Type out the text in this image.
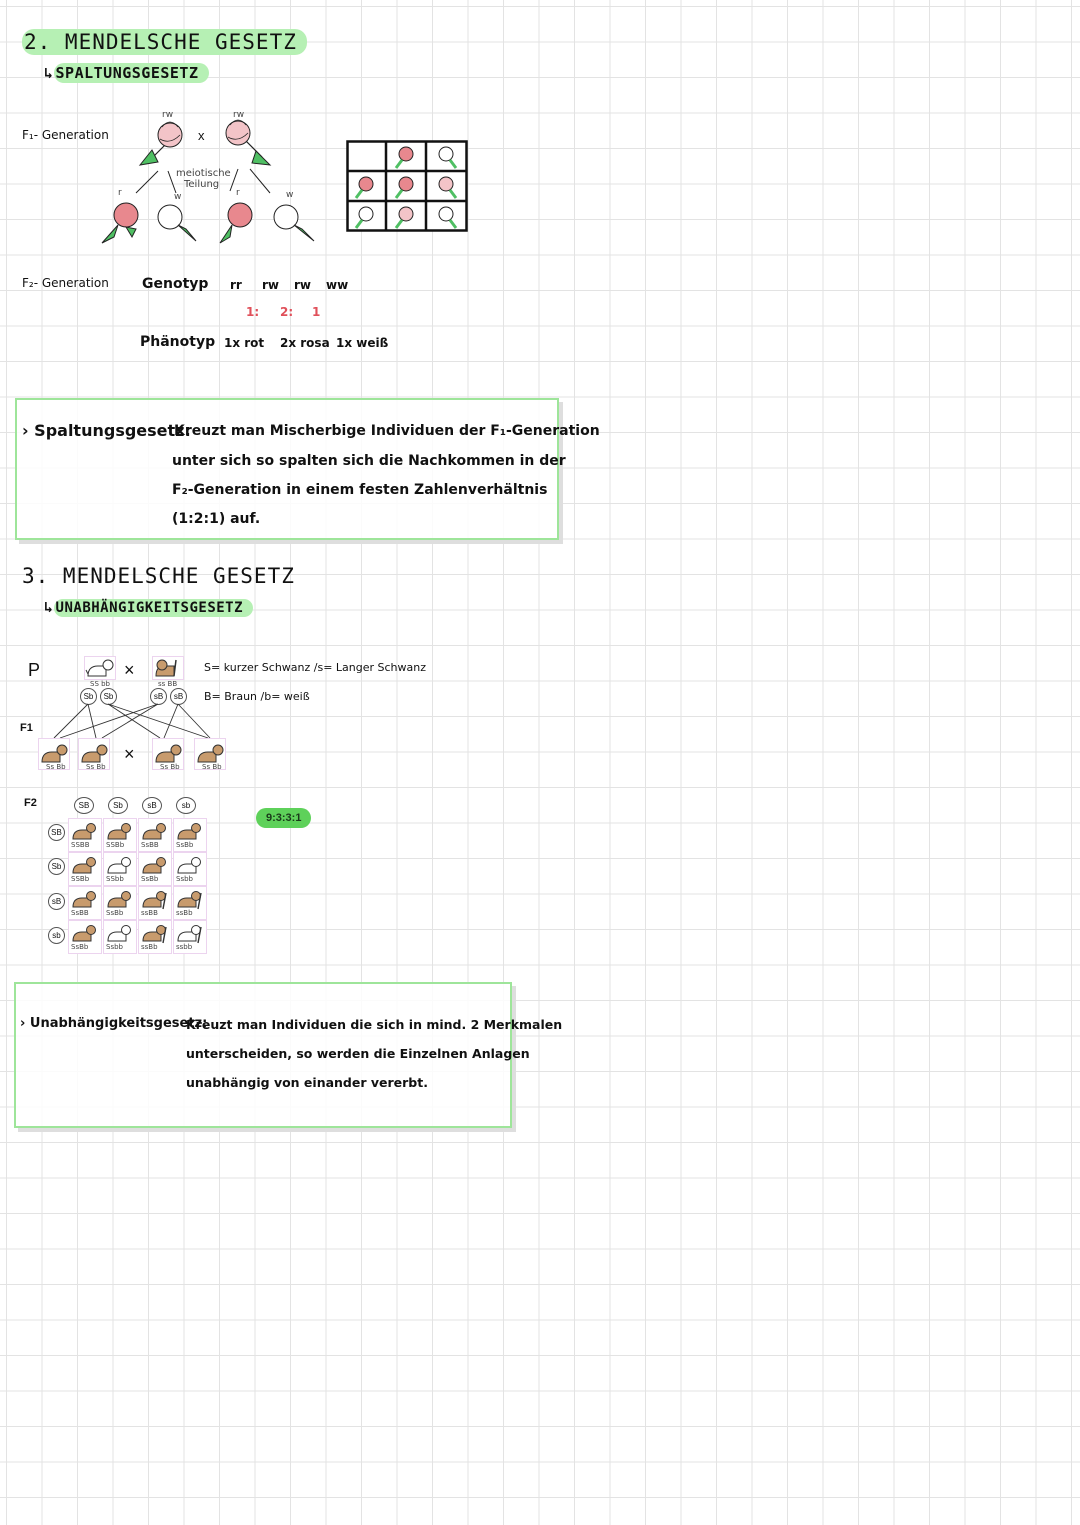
2. MENDELSCHE GESETZ
↳ SPALTUNGSGESETZ
F₁- Generation
F₂- Generation
rw	rw
x
meiotische
Teilung
r	w	r	w
Genotyp rr rw rw ww
1: 2: 1
Phänotyp 1x rot 2x rosa 1x weiß
› Spaltungsgesetz:
Kreuzt man Mischerbige Individuen der F₁-Generation
unter sich so spalten sich die Nachkommen in der
F₂-Generation in einem festen Zahlenverhältnis
(1:2:1) auf.
3. MENDELSCHE GESETZ
↳ UNABHÄNGIGKEITSGESETZ
P
F1
F2
×
SS bb	ss BB
Sb	Sb	sB	sB
S= kurzer Schwanz /s= Langer Schwanz
B= Braun /b= weiß
×
Ss Bb	Ss Bb	Ss Bb	Ss Bb
SB	Sb	sB	sb
SB
Sb
sB
sb
9:3:3:1
SSBB SSBb SsBB SsBb
SSBb SSbb SsBb	Ssbb
SsBB SsBb	ssBB	ssBb
SsBb	Ssbb	ssBb	ssbb
› Unabhängigkeitsgesetz:
Kreuzt man Individuen die sich in mind. 2 Merkmalen
unterscheiden, so werden die Einzelnen Anlagen
unabhängig von einander vererbt.
